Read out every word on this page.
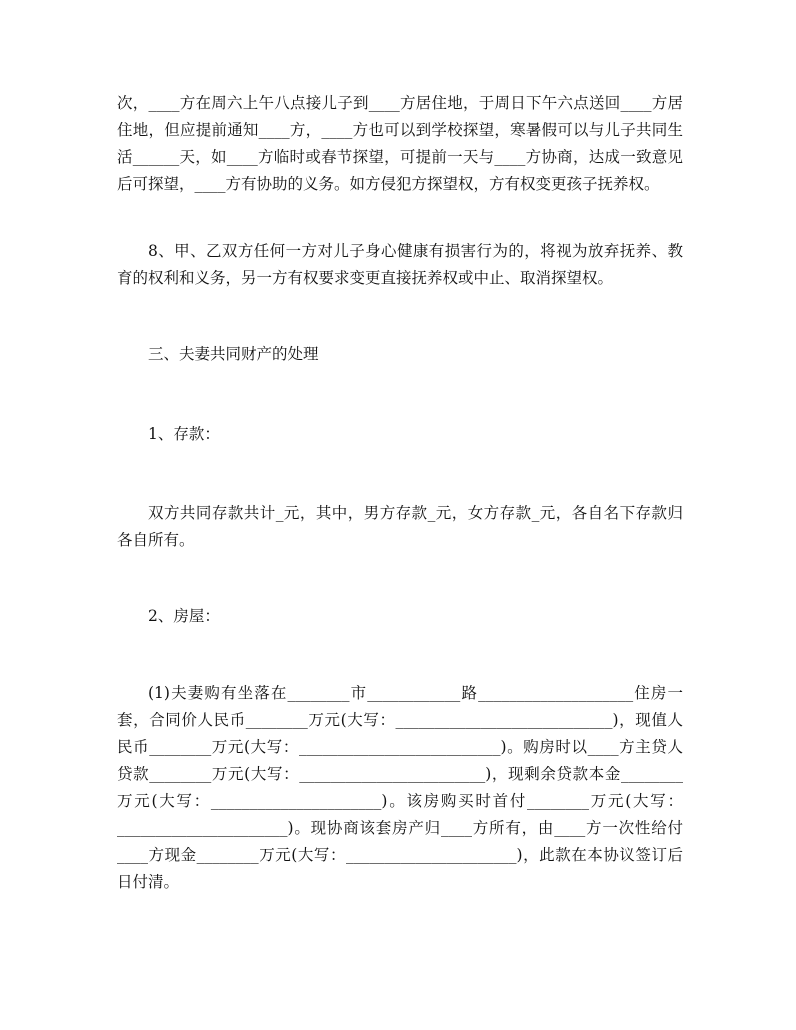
次，____方在周六上午八点接儿子到____方居住地，于周日下午六点送回____方居
住地，但应提前通知____方，____方也可以到学校探望，寒暑假可以与儿子共同生
活______天，如____方临时或春节探望，可提前一天与____方协商，达成一致意见
后可探望，____方有协助的义务。如方侵犯方探望权，方有权变更孩子抚养权。
8、甲、乙双方任何一方对儿子身心健康有损害行为的，将视为放弃抚养、教
育的权利和义务，另一方有权要求变更直接抚养权或中止、取消探望权。

三、夫妻共同财产的处理

1、存款：

双方共同存款共计_元，其中，男方存款_元，女方存款_元，各自名下存款归
各自所有。

2、房屋：

(1)夫妻购有坐落在________市____________路____________________住房一
套，合同价人民币________万元(大写：____________________________)，现值人
民币________万元(大写：__________________________)。购房时以____方主贷人
贷款________万元(大写：________________________)，现剩余贷款本金________
万元(大写：______________________)。该房购买时首付________万元(大写：
______________________)。现协商该套房产归____方所有，由____方一次性给付
____方现金________万元(大写：______________________)，此款在本协议签订后
日付清。
